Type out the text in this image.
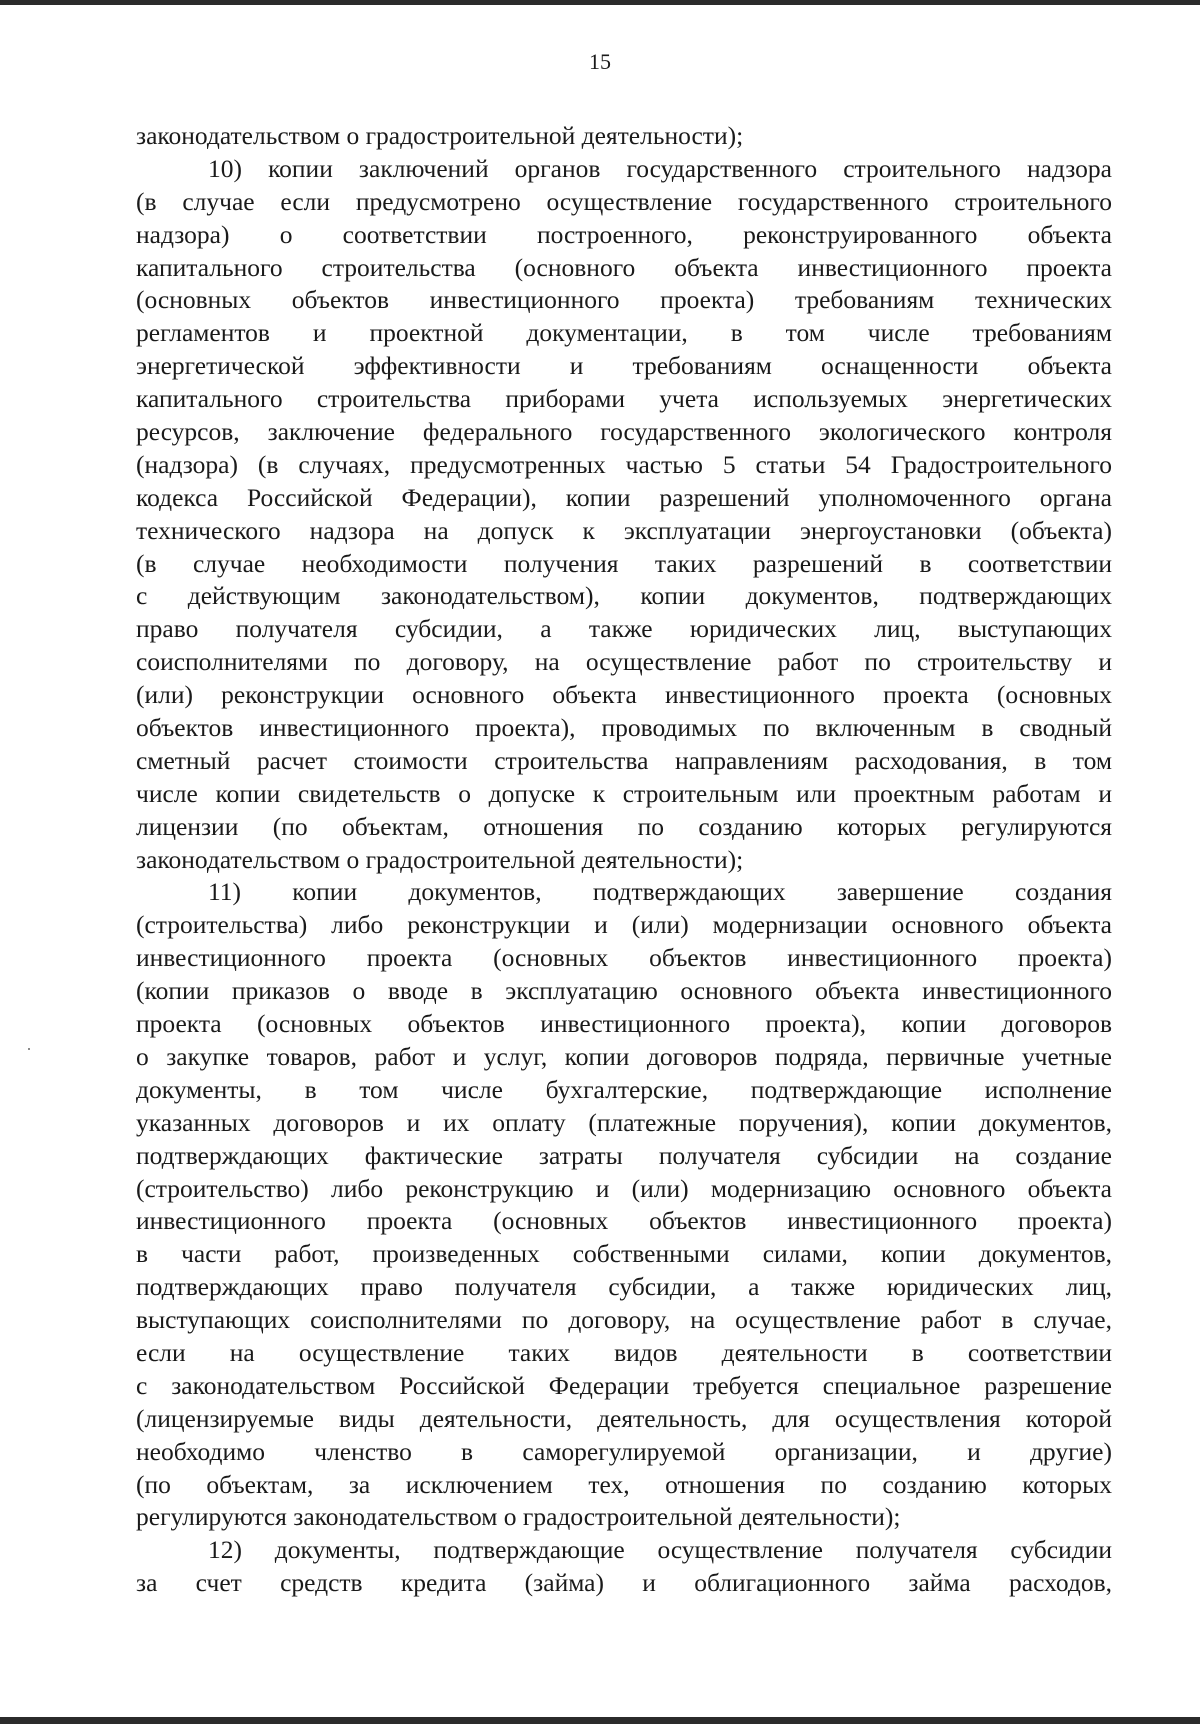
15
законодательством о градостроительной деятельности);
10) копии заключений органов государственного строительного надзора
(в случае если предусмотрено осуществление государственного строительного
надзора) о соответствии построенного, реконструированного объекта
капитального строительства (основного объекта инвестиционного проекта
(основных объектов инвестиционного проекта) требованиям технических
регламентов и проектной документации, в том числе требованиям
энергетической эффективности и требованиям оснащенности объекта
капитального строительства приборами учета используемых энергетических
ресурсов, заключение федерального государственного экологического контроля
(надзора) (в случаях, предусмотренных частью 5 статьи 54 Градостроительного
кодекса Российской Федерации), копии разрешений уполномоченного органа
технического надзора на допуск к эксплуатации энергоустановки (объекта)
(в случае необходимости получения таких разрешений в соответствии
с действующим законодательством), копии документов, подтверждающих
право получателя субсидии, а также юридических лиц, выступающих
соисполнителями по договору, на осуществление работ по строительству и
(или) реконструкции основного объекта инвестиционного проекта (основных
объектов инвестиционного проекта), проводимых по включенным в сводный
сметный расчет стоимости строительства направлениям расходования, в том
числе копии свидетельств о допуске к строительным или проектным работам и
лицензии (по объектам, отношения по созданию которых регулируются
законодательством о градостроительной деятельности);
11) копии документов, подтверждающих завершение создания
(строительства) либо реконструкции и (или) модернизации основного объекта
инвестиционного проекта (основных объектов инвестиционного проекта)
(копии приказов о вводе в эксплуатацию основного объекта инвестиционного
проекта (основных объектов инвестиционного проекта), копии договоров
о закупке товаров, работ и услуг, копии договоров подряда, первичные учетные
документы, в том числе бухгалтерские, подтверждающие исполнение
указанных договоров и их оплату (платежные поручения), копии документов,
подтверждающих фактические затраты получателя субсидии на создание
(строительство) либо реконструкцию и (или) модернизацию основного объекта
инвестиционного проекта (основных объектов инвестиционного проекта)
в части работ, произведенных собственными силами, копии документов,
подтверждающих право получателя субсидии, а также юридических лиц,
выступающих соисполнителями по договору, на осуществление работ в случае,
если на осуществление таких видов деятельности в соответствии
с законодательством Российской Федерации требуется специальное разрешение
(лицензируемые виды деятельности, деятельность, для осуществления которой
необходимо членство в саморегулируемой организации, и другие)
(по объектам, за исключением тех, отношения по созданию которых
регулируются законодательством о градостроительной деятельности);
12) документы, подтверждающие осуществление получателя субсидии
за счет средств кредита (займа) и облигационного займа расходов,
